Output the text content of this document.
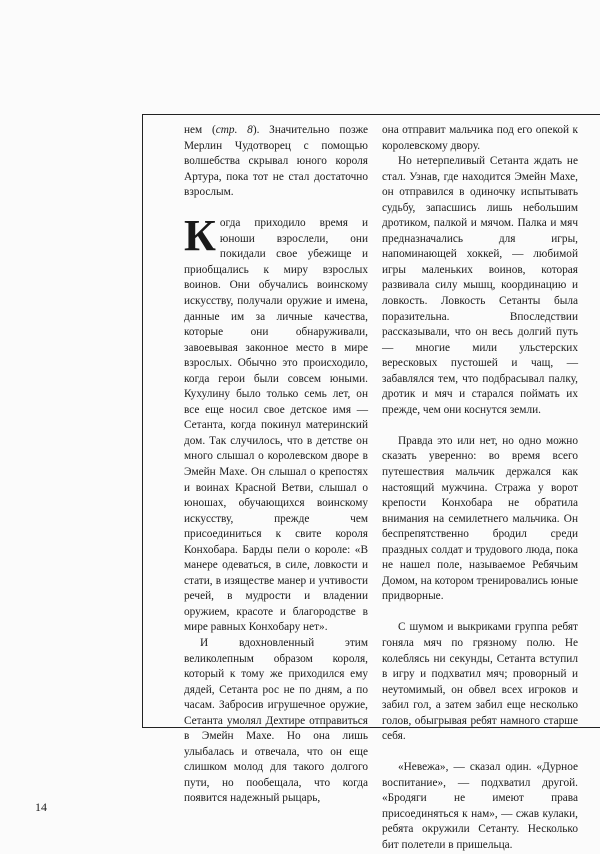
нем (стр. 8). Значительно позже Мерлин Чудотворец с помощью волшебства скрывал юного короля Артура, пока тот не стал достаточно взрослым.

Когда приходило время и юноши взрослели, они покидали свое убежище и приобщались к миру взрослых воинов. Они обучались воинскому искусству, получали оружие и имена, данные им за личные качества, которые они обнаруживали, завоевывая законное место в мире взрослых. Обычно это происходило, когда герои были совсем юными. Кухулину было только семь лет, он все еще носил свое детское имя — Сетанта, когда покинул материнский дом. Так случилось, что в детстве он много слышал о королевском дворе в Эмейн Махе. Он слышал о крепостях и воинах Красной Ветви, слышал о юношах, обучающихся воинскому искусству, прежде чем присоединиться к свите короля Конхобара. Барды пели о короле: «В манере одеваться, в силе, ловкости и стати, в изяществе манер и учтивости речей, в мудрости и владении оружием, красоте и благородстве в мире равных Конхобару нет».

И вдохновленный этим великолепным образом короля, который к тому же приходился ему дядей, Сетанта рос не по дням, а по часам. Забросив игрушечное оружие, Сетанта умолял Дехтире отправиться в Эмейн Махе. Но она лишь улыбалась и отвечала, что он еще слишком молод для такого долгого пути, но пообещала, что когда появится надежный рыцарь,

она отправит мальчика под его опекой к королевскому двору.

Но нетерпеливый Сетанта ждать не стал. Узнав, где находится Эмейн Махе, он отправился в одиночку испытывать судьбу, запасшись лишь небольшим дротиком, палкой и мячом. Палка и мяч предназначались для игры, напоминающей хоккей, — любимой игры маленьких воинов, которая развивала силу мышц, координацию и ловкость. Ловкость Сетанты была поразительна. Впоследствии рассказывали, что он весь долгий путь — многие мили ульстерских вересковых пустошей и чащ, — забавлялся тем, что подбрасывал палку, дротик и мяч и старался поймать их прежде, чем они коснутся земли.

Правда это или нет, но одно можно сказать уверенно: во время всего путешествия мальчик держался как настоящий мужчина. Стража у ворот крепости Конхобара не обратила внимания на семилетнего мальчика. Он беспрепятственно бродил среди праздных солдат и трудового люда, пока не нашел поле, называемое Ребячьим Домом, на котором тренировались юные придворные.

С шумом и выкриками группа ребят гоняла мяч по грязному полю. Не колеблясь ни секунды, Сетанта вступил в игру и подхватил мяч; проворный и неутомимый, он обвел всех игроков и забил гол, а затем забил еще несколько голов, обыгрывая ребят намного старше себя.

«Невежа», — сказал один. «Дурное воспитание», — подхватил другой. «Бродяги не имеют права присоединяться к нам», — сжав кулаки, ребята окружили Сетанту. Несколько бит полетели в пришельца.

14
